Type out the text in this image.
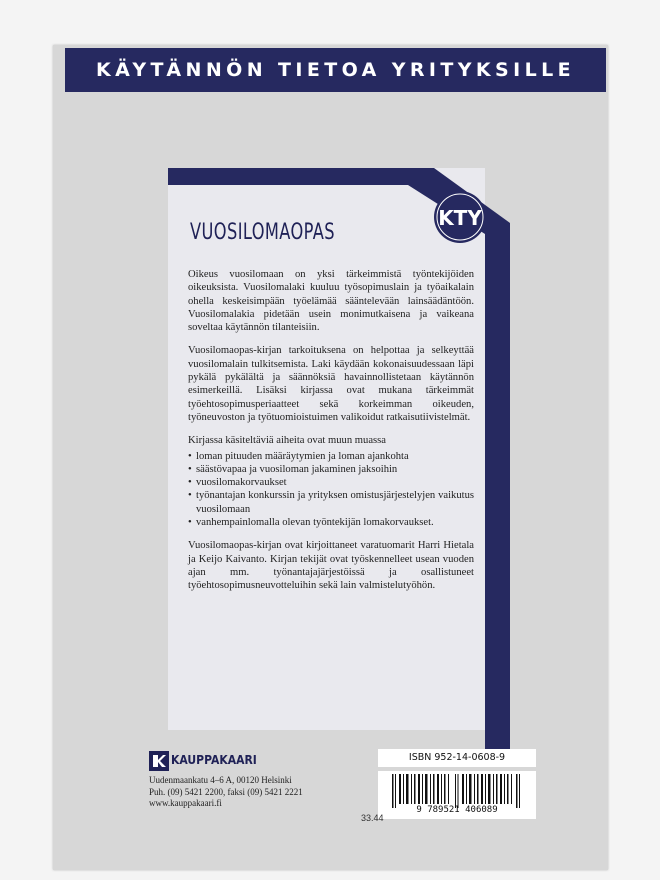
KÄYTÄNNÖN TIETOA YRITYKSILLE
KTY
VUOSILOMAOPAS

Oikeus vuosilomaan on yksi tärkeimmistä työntekijöiden oikeuksista. Vuosilomalaki kuuluu työsopimuslain ja työaikalain ohella keskeisimpään työelämää sääntelevään lainsäädäntöön. Vuosilomalakia pidetään usein monimutkaisena ja vaikeana soveltaa käytännön tilanteisiin.

Vuosilomaopas-kirjan tarkoituksena on helpottaa ja selkeyttää vuosilomalain tulkitsemista. Laki käydään kokonaisuudessaan läpi pykälä pykälältä ja säännöksiä havainnollistetaan käytännön esimerkeillä. Lisäksi kirjassa ovat mukana tärkeimmät työehtosopimusperiaatteet sekä korkeimman oikeuden, työneuvoston ja työtuomioistuimen valikoidut ratkaisutiivistelmät.

Kirjassa käsiteltäviä aiheita ovat muun muassa

• loman pituuden määräytymien ja loman ajankohta
• säästövapaa ja vuosiloman jakaminen jaksoihin
• vuosilomakorvaukset
• työnantajan konkurssin ja yrityksen omistusjärjestelyjen vaikutus vuosilomaan
• vanhempainlomalla olevan työntekijän lomakorvaukset.

Vuosilomaopas-kirjan ovat kirjoittaneet varatuomarit Harri Hietala ja Keijo Kaivanto. Kirjan tekijät ovat työskennelleet usean vuoden ajan mm. työnantajajärjestöissä ja osallistuneet työehtosopimusneuvotteluihin sekä lain valmistelutyöhön.

KAUPPAKAARI
Uudenmaankatu 4–6 A, 00120 Helsinki
Puh. (09) 5421 2200, faksi (09) 5421 2221
www.kauppakaari.fi
ISBN 952-14-0608-9
9 789521 406089
33.44
